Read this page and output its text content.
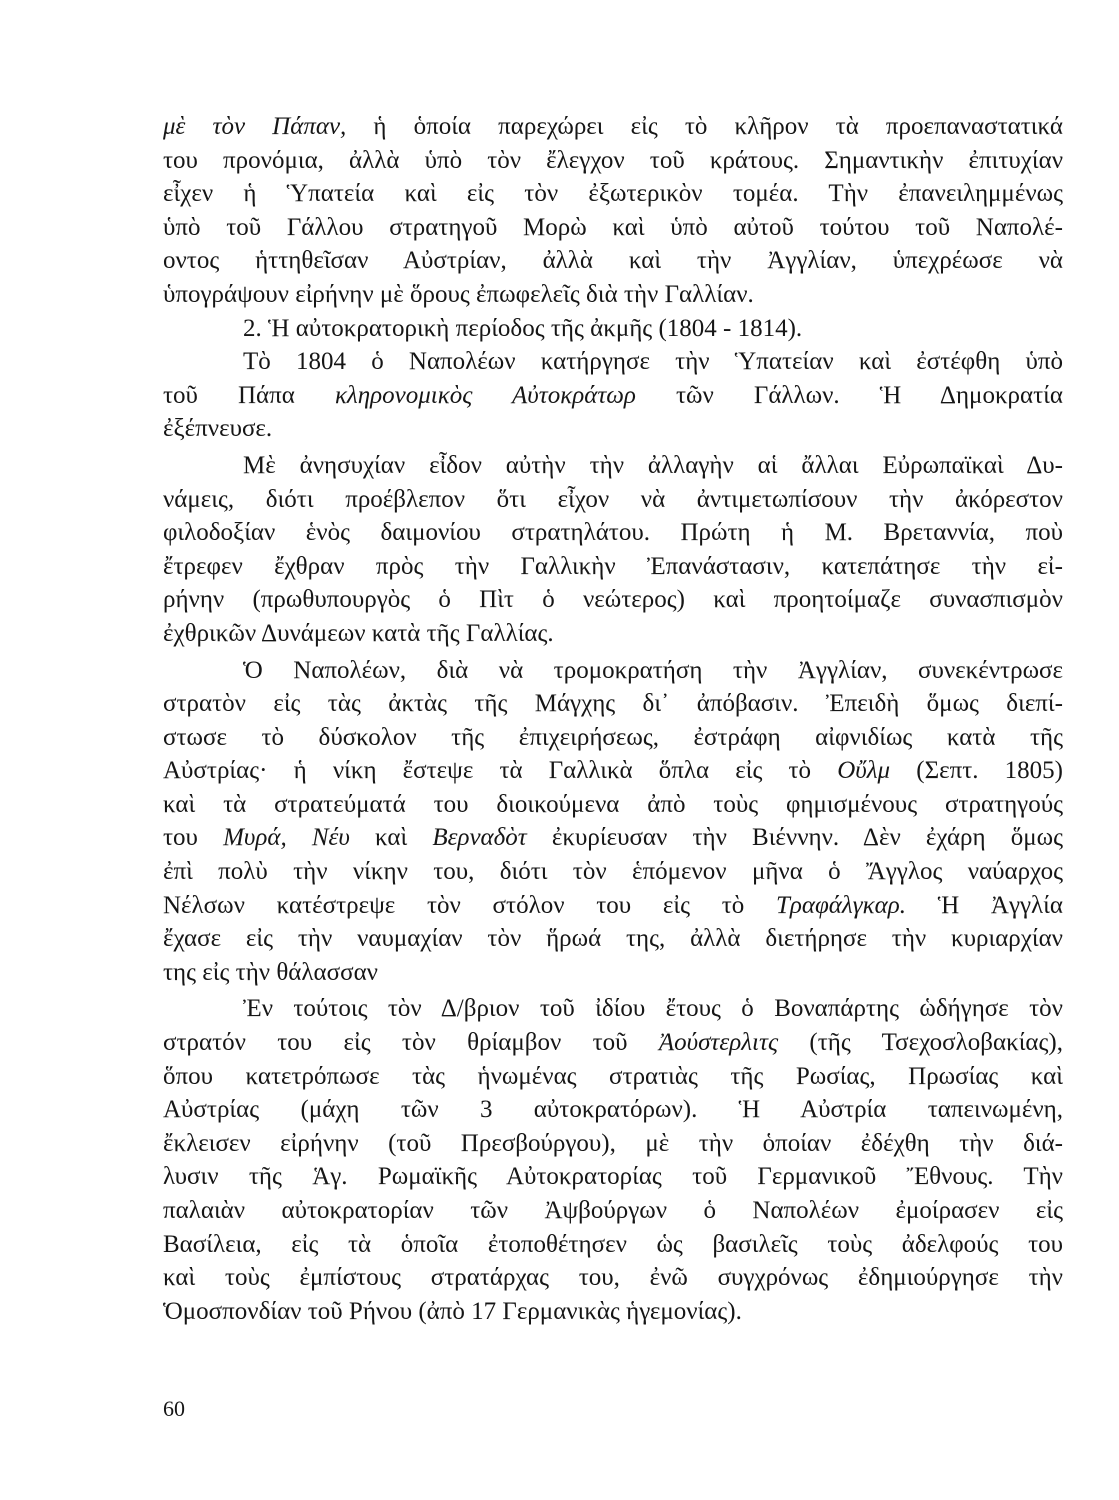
μὲ τὸν Πάπαν, ἡ ὁποία παρεχώρει εἰς τὸ κλῆρον τὰ προεπαναστατικά
του προνόμια, ἀλλὰ ὑπὸ τὸν ἔλεγχον τοῦ κράτους. Σημαντικὴν ἐπιτυχίαν
εἶχεν ἡ Ὑπατεία καὶ εἰς τὸν ἐξωτερικὸν τομέα. Τὴν ἐπανειλημμένως
ὑπὸ τοῦ Γάλλου στρατηγοῦ Μορὼ καὶ ὑπὸ αὐτοῦ τούτου τοῦ Ναπολέ-
οντος ἡττηθεῖσαν Αὐστρίαν, ἀλλὰ καὶ τὴν Ἀγγλίαν, ὑπεχρέωσε νὰ
ὑπογράψουν εἰρήνην μὲ ὅρους ἐπωφελεῖς διὰ τὴν Γαλλίαν.
2. Ἡ αὐτοκρατορικὴ περίοδος τῆς ἀκμῆς (1804 - 1814).
Τὸ 1804 ὁ Ναπολέων κατήργησε τὴν Ὑπατείαν καὶ ἐστέφθη ὑπὸ
τοῦ Πάπα κληρονομικὸς Αὐτοκράτωρ τῶν Γάλλων. Ἡ Δημοκρατία
ἐξέπνευσε.
Μὲ ἀνησυχίαν εἶδον αὐτὴν τὴν ἀλλαγὴν αἱ ἄλλαι Εὐρωπαϊκαὶ Δυ-
νάμεις, διότι προέβλεπον ὅτι εἶχον νὰ ἀντιμετωπίσουν τὴν ἀκόρεστον
φιλοδοξίαν ἑνὸς δαιμονίου στρατηλάτου. Πρώτη ἡ Μ. Βρεταννία, ποὺ
ἔτρεφεν ἔχθραν πρὸς τὴν Γαλλικὴν Ἐπανάστασιν, κατεπάτησε τὴν εἰ-
ρήνην (πρωθυπουργὸς ὁ Πὶτ ὁ νεώτερος) καὶ προητοίμαζε συνασπισμὸν
ἐχθρικῶν Δυνάμεων κατὰ τῆς Γαλλίας.
Ὁ Ναπολέων, διὰ νὰ τρομοκρατήση τὴν Ἀγγλίαν, συνεκέντρωσε
στρατὸν εἰς τὰς ἀκτὰς τῆς Μάγχης δι᾽ ἀπόβασιν. Ἐπειδὴ ὅμως διεπί-
στωσε τὸ δύσκολον τῆς ἐπιχειρήσεως, ἐστράφη αἰφνιδίως κατὰ τῆς
Αὐστρίας· ἡ νίκη ἔστεψε τὰ Γαλλικὰ ὅπλα εἰς τὸ Οὔλμ (Σεπτ. 1805)
καὶ τὰ στρατεύματά του διοικούμενα ἀπὸ τοὺς φημισμένους στρατηγούς
του Μυρά, Νέυ καὶ Βερναδὸτ ἐκυρίευσαν τὴν Βιέννην. Δὲν ἐχάρη ὅμως
ἐπὶ πολὺ τὴν νίκην του, διότι τὸν ἑπόμενον μῆνα ὁ Ἄγγλος ναύαρχος
Νέλσων κατέστρεψε τὸν στόλον του εἰς τὸ Τραφάλγκαρ. Ἡ Ἀγγλία
ἔχασε εἰς τὴν ναυμαχίαν τὸν ἥρωά της, ἀλλὰ διετήρησε τὴν κυριαρχίαν
της εἰς τὴν θάλασσαν
Ἐν τούτοις τὸν Δ/βριον τοῦ ἰδίου ἔτους ὁ Βοναπάρτης ὡδήγησε τὸν
στρατόν του εἰς τὸν θρίαμβον τοῦ Ἀούστερλιτς (τῆς Τσεχοσλοβακίας),
ὅπου κατετρόπωσε τὰς ἡνωμένας στρατιὰς τῆς Ρωσίας, Πρωσίας καὶ
Αὐστρίας (μάχη τῶν 3 αὐτοκρατόρων). Ἡ Αὐστρία ταπεινωμένη,
ἔκλεισεν εἰρήνην (τοῦ Πρεσβούργου), μὲ τὴν ὁποίαν ἐδέχθη τὴν διά-
λυσιν τῆς Ἁγ. Ρωμαϊκῆς Αὐτοκρατορίας τοῦ Γερμανικοῦ Ἔθνους. Τὴν
παλαιὰν αὐτοκρατορίαν τῶν Ἀψβούργων ὁ Ναπολέων ἐμοίρασεν εἰς
Βασίλεια, εἰς τὰ ὁποῖα ἐτοποθέτησεν ὡς βασιλεῖς τοὺς ἀδελφούς του
καὶ τοὺς ἐμπίστους στρατάρχας του, ἐνῶ συγχρόνως ἐδημιούργησε τὴν
Ὁμοσπονδίαν τοῦ Ρήνου (ἀπὸ 17 Γερμανικὰς ἡγεμονίας).
60
